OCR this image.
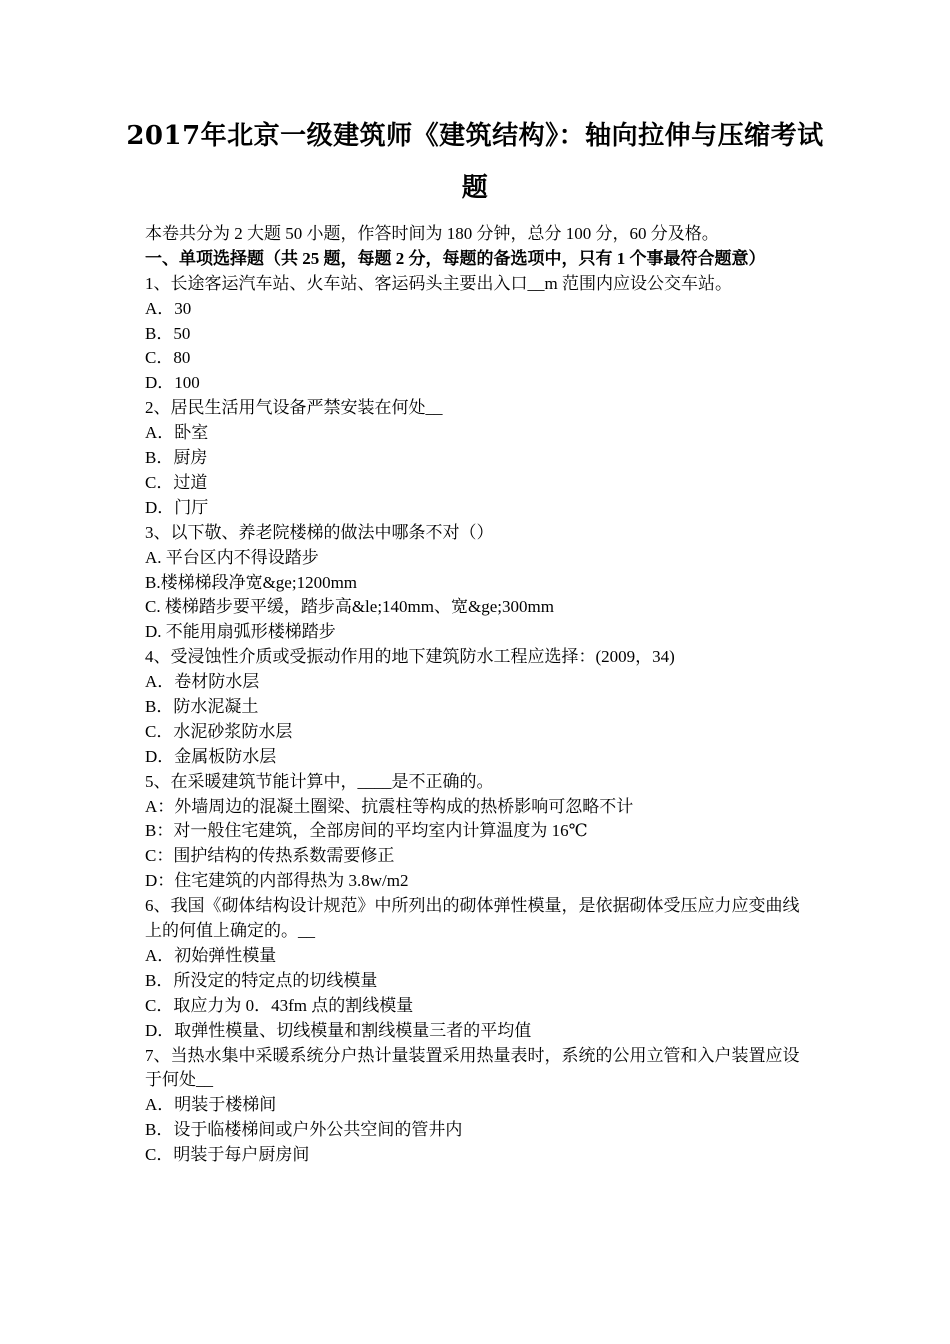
2017年北京一级建筑师《建筑结构》：轴向拉伸与压缩考试
题
本卷共分为 2 大题 50 小题，作答时间为 180 分钟，总分 100 分，60 分及格。
一、单项选择题（共 25 题，每题 2 分，每题的备选项中，只有 1 个事最符合题意）
1、长途客运汽车站、火车站、客运码头主要出入口__m 范围内应设公交车站。
A．30
B．50
C．80
D．100
2、居民生活用气设备严禁安装在何处__
A．卧室
B．厨房
C．过道
D．门厅
3、以下敬、养老院楼梯的做法中哪条不对（）
A. 平台区内不得设踏步
B.楼梯梯段净宽&ge;1200mm
C. 楼梯踏步要平缓，踏步高&le;140mm、宽&ge;300mm
D. 不能用扇弧形楼梯踏步
4、受浸蚀性介质或受振动作用的地下建筑防水工程应选择：(2009，34)
A．卷材防水层
B．防水泥凝土
C．水泥砂浆防水层
D．金属板防水层
5、在采暖建筑节能计算中，____是不正确的。
A：外墙周边的混凝土圈梁、抗震柱等构成的热桥影响可忽略不计
B：对一般住宅建筑，全部房间的平均室内计算温度为 16℃
C：围护结构的传热系数需要修正
D：住宅建筑的内部得热为 3.8w/m2
6、我国《砌体结构设计规范》中所列出的砌体弹性模量，是依据砌体受压应力应变曲线上的何值上确定的。__
A．初始弹性模量
B．所没定的特定点的切线模量
C．取应力为 0．43fm 点的割线模量
D．取弹性模量、切线模量和割线模量三者的平均值
7、当热水集中采暖系统分户热计量装置采用热量表时，系统的公用立管和入户装置应设于何处__
A．明装于楼梯间
B．设于临楼梯间或户外公共空间的管井内
C．明装于每户厨房间
